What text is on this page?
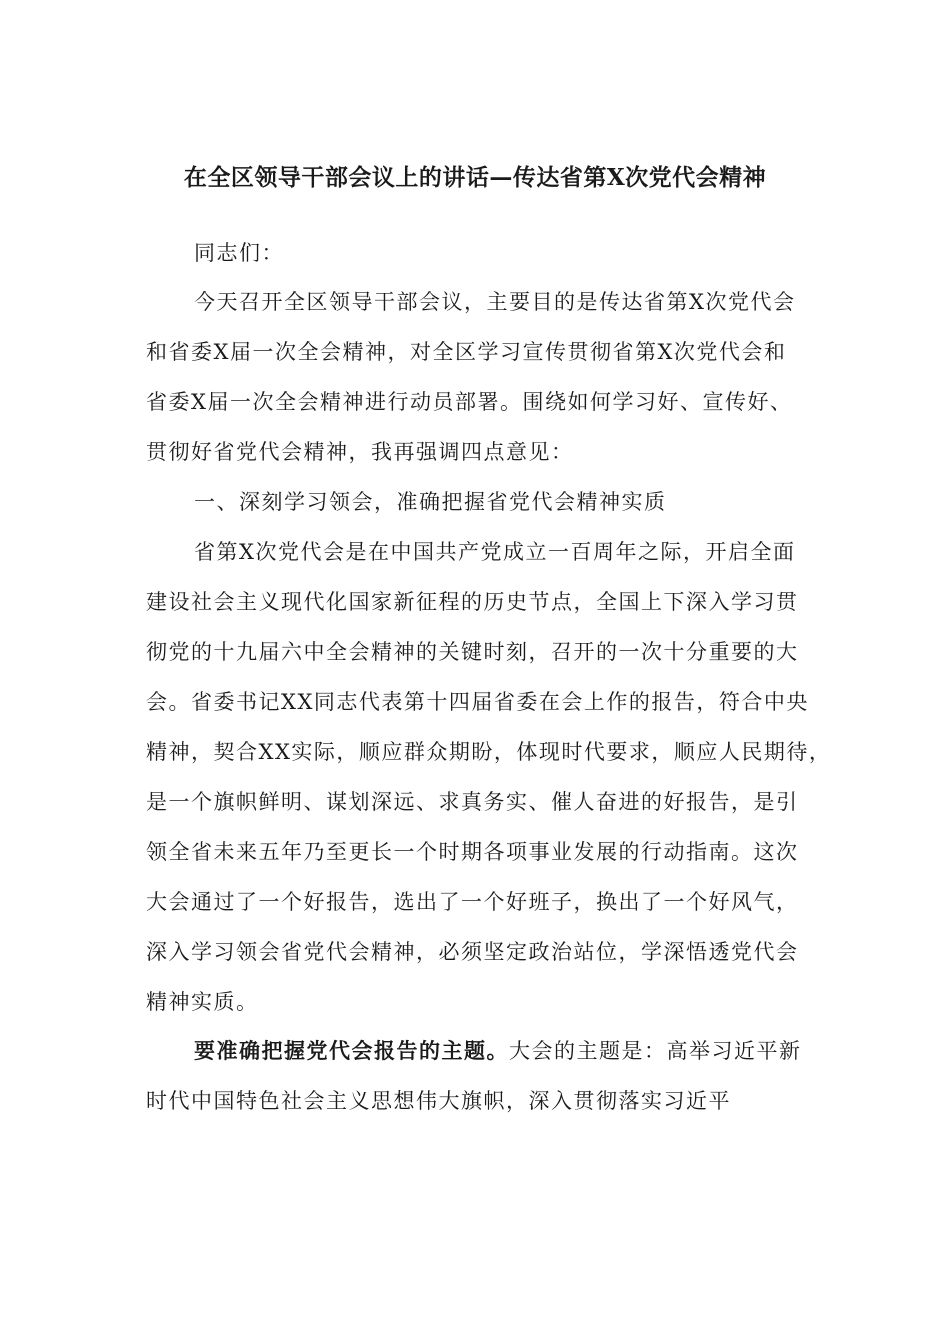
在全区领导干部会议上的讲话—传达省第X次党代会精神
同志们：
今天召开全区领导干部会议，主要目的是传达省第X次党代会
和省委X届一次全会精神，对全区学习宣传贯彻省第X次党代会和
省委X届一次全会精神进行动员部署。围绕如何学习好、宣传好、
贯彻好省党代会精神，我再强调四点意见：
一、深刻学习领会，准确把握省党代会精神实质
省第X次党代会是在中国共产党成立一百周年之际，开启全面
建设社会主义现代化国家新征程的历史节点，全国上下深入学习贯
彻党的十九届六中全会精神的关键时刻，召开的一次十分重要的大
会。省委书记XX同志代表第十四届省委在会上作的报告，符合中央
精神，契合XX实际，顺应群众期盼，体现时代要求，顺应人民期待，
是一个旗帜鲜明、谋划深远、求真务实、催人奋进的好报告，是引
领全省未来五年乃至更长一个时期各项事业发展的行动指南。这次
大会通过了一个好报告，选出了一个好班子，换出了一个好风气，
深入学习领会省党代会精神，必须坚定政治站位，学深悟透党代会
精神实质。
要准确把握党代会报告的主题。大会的主题是：高举习近平新
时代中国特色社会主义思想伟大旗帜，深入贯彻落实习近平
